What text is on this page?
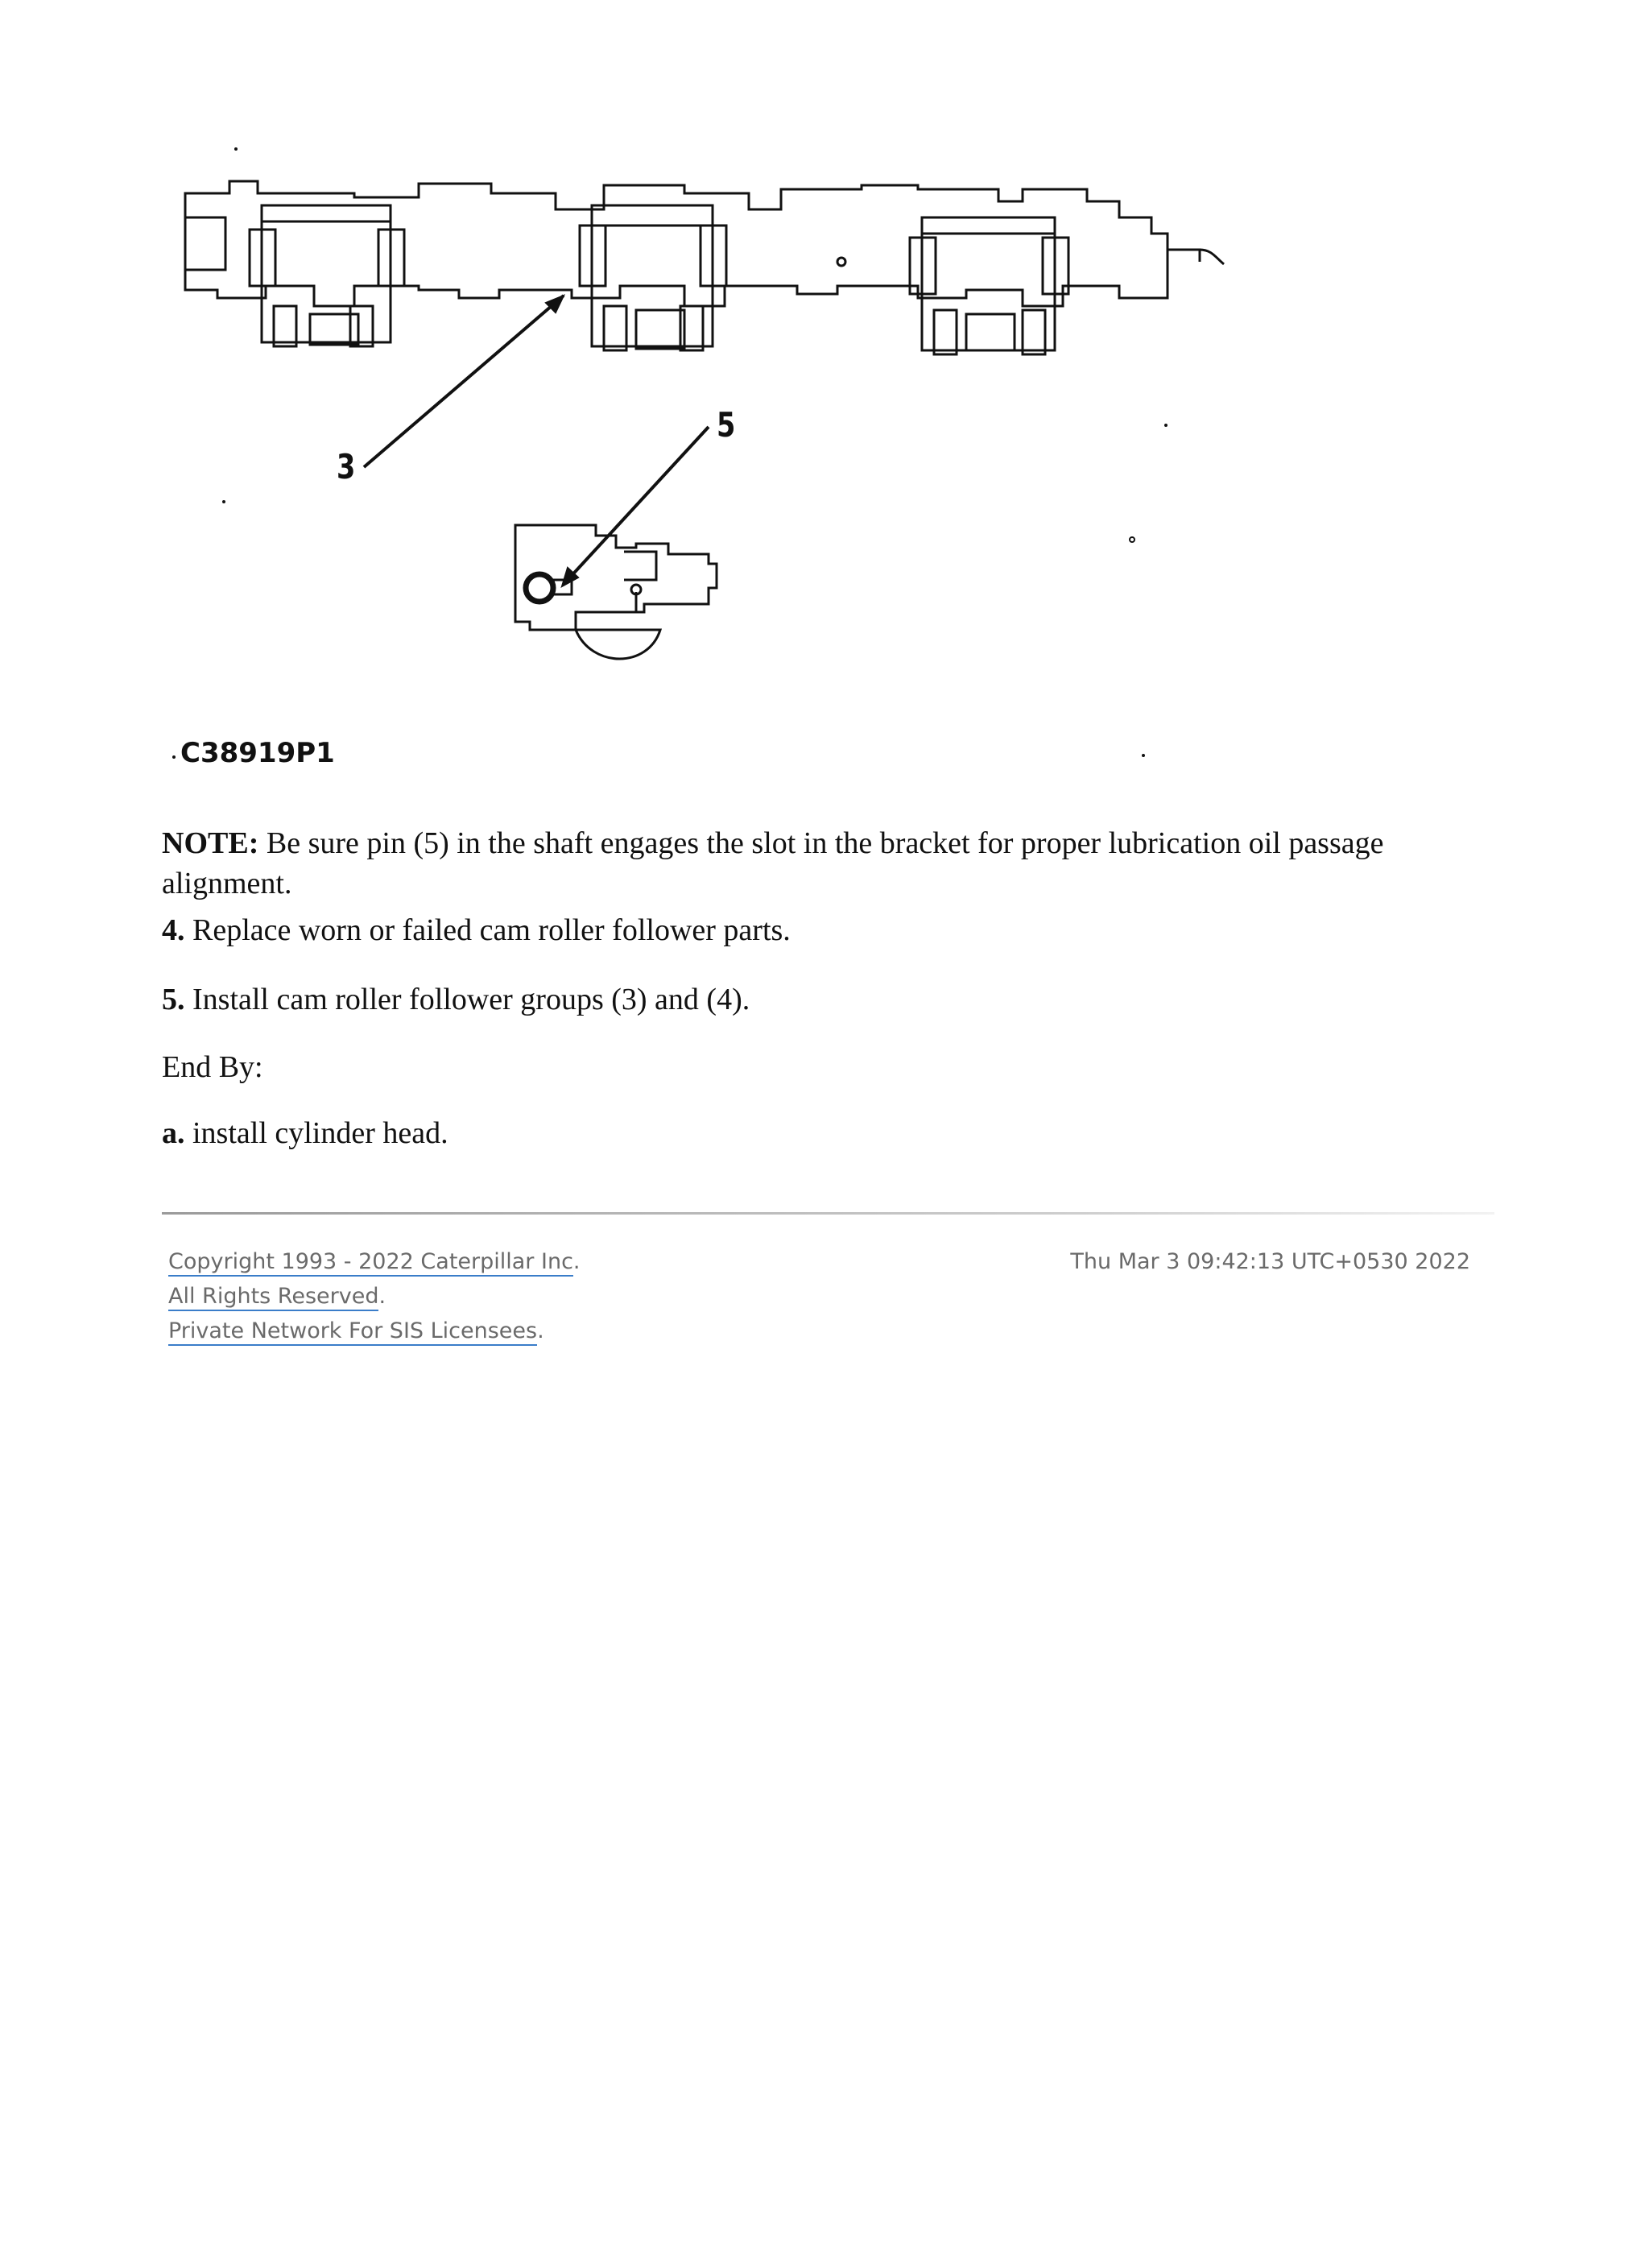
3
5
C38919P1

NOTE: Be sure pin (5) in the shaft engages the slot in the bracket for proper lubrication oil passage alignment.

4. Replace worn or failed cam roller follower parts.

5. Install cam roller follower groups (3) and (4).

End By:

a. install cylinder head.

Copyright 1993 - 2022 Caterpillar Inc.
All Rights Reserved.
Private Network For SIS Licensees.
Thu Mar 3 09:42:13 UTC+0530 2022
